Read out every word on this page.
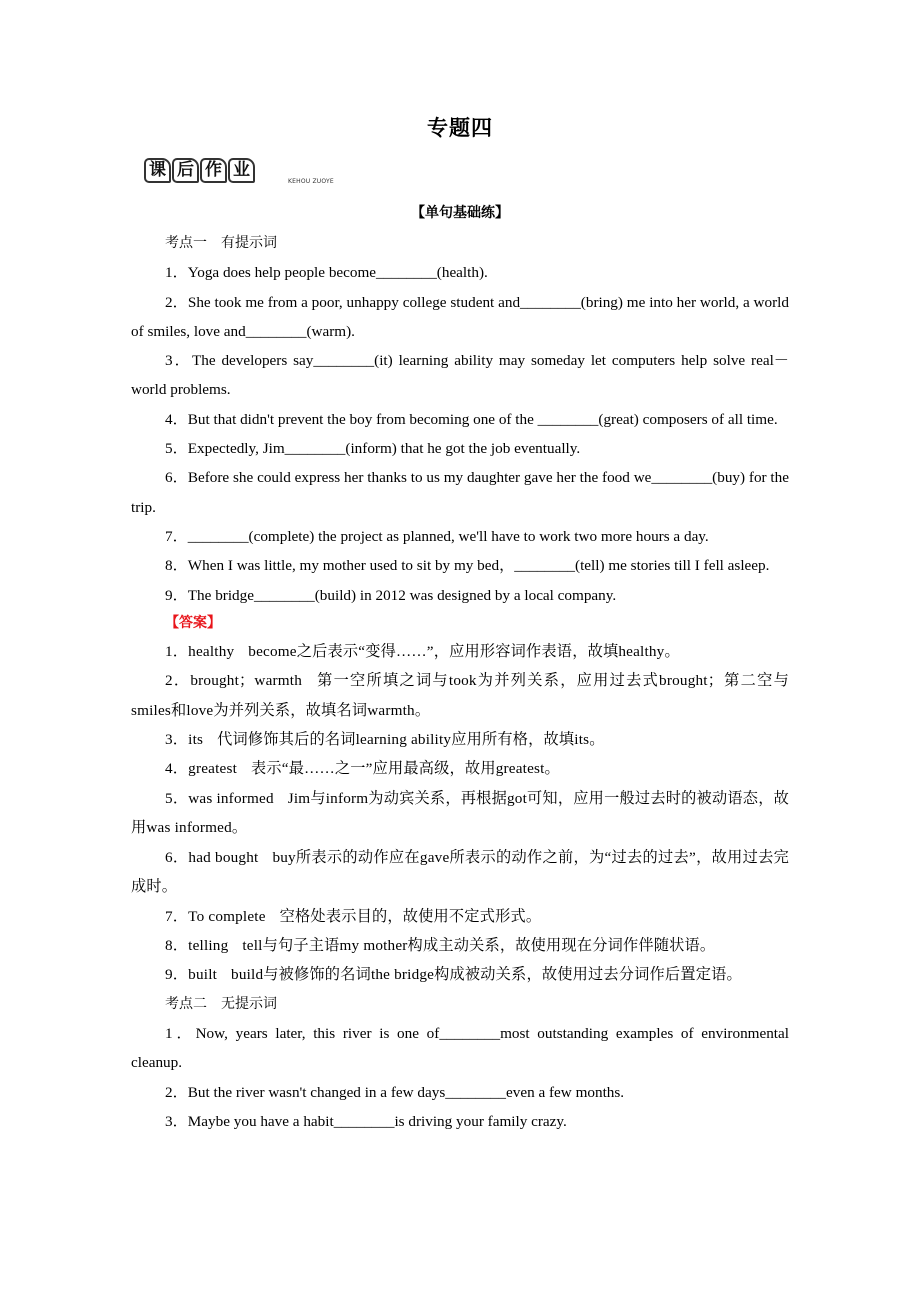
专题四
课 后 作 业
KEHOU ZUOYE
【单句基础练】
考点一　有提示词

1．Yoga does help people become________(health).

2．She took me from a poor, unhappy college student and________(bring) me into her world, a world of smiles, love and________(warm).

3．The developers say________(it) learning ability may someday let computers help solve real－world problems.

4．But that didn't prevent the boy from becoming one of the ________(great) composers of all time.

5．Expectedly, Jim________(inform) that he got the job eventually.

6．Before she could express her thanks to us my daughter gave her the food we________(buy) for the trip.

7．________(complete) the project as planned, we'll have to work two more hours a day.

8．When I was little, my mother used to sit by my bed，________(tell) me stories till I fell asleep.

9．The bridge________(build) in 2012 was designed by a local company.

【答案】

1．healthy become之后表示“变得……”，应用形容词作表语，故填healthy。

2．brought；warmth 第一空所填之词与took为并列关系，应用过去式brought；第二空与smiles和love为并列关系，故填名词warmth。

3．its 代词修饰其后的名词learning ability应用所有格，故填its。

4．greatest 表示“最……之一”应用最高级，故用greatest。

5．was informed Jim与inform为动宾关系，再根据got可知，应用一般过去时的被动语态，故用was informed。

6．had bought buy所表示的动作应在gave所表示的动作之前，为“过去的过去”，故用过去完成时。

7．To complete 空格处表示目的，故使用不定式形式。

8．telling tell与句子主语my mother构成主动关系，故使用现在分词作伴随状语。

9．built build与被修饰的名词the bridge构成被动关系，故使用过去分词作后置定语。

考点二　无提示词

1．Now, years later, this river is one of________most outstanding examples of environmental cleanup.

2．But the river wasn't changed in a few days________even a few months.

3．Maybe you have a habit________is driving your family crazy.
